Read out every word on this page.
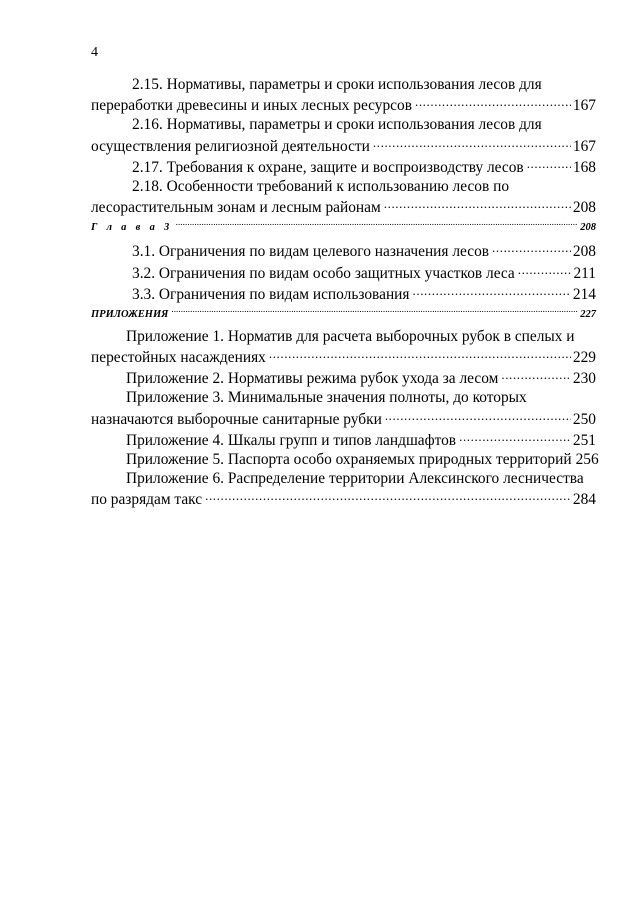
4
2.15. Нормативы, параметры и сроки использования лесов для
переработки древесины и иных лесных ресурсов .....	167
2.16. Нормативы, параметры и сроки использования лесов для
осуществления религиозной деятельности .....	167
2.17. Требования к охране, защите и воспроизводству лесов .....	168
2.18. Особенности требований к использованию лесов по
лесорастительным зонам и лесным районам .....	208
Г л а в а 3 .....	208
3.1. Ограничения по видам целевого назначения лесов .....	208
3.2. Ограничения по видам особо защитных участков леса .....	211
3.3. Ограничения по видам использования .....	214
ПРИЛОЖЕНИЯ .....	227
Приложение 1. Норматив для расчета выборочных рубок в спелых и
перестойных насаждениях .....	229
Приложение 2. Нормативы режима рубок ухода за лесом .....	230
Приложение 3. Минимальные значения полноты, до которых
назначаются выборочные санитарные рубки .....	250
Приложение 4. Шкалы групп и типов ландшафтов .....	251
Приложение 5. Паспорта особо охраняемых природных территорий 256
Приложение 6. Распределение территории Алексинского лесничества
по разрядам такс .....	284
